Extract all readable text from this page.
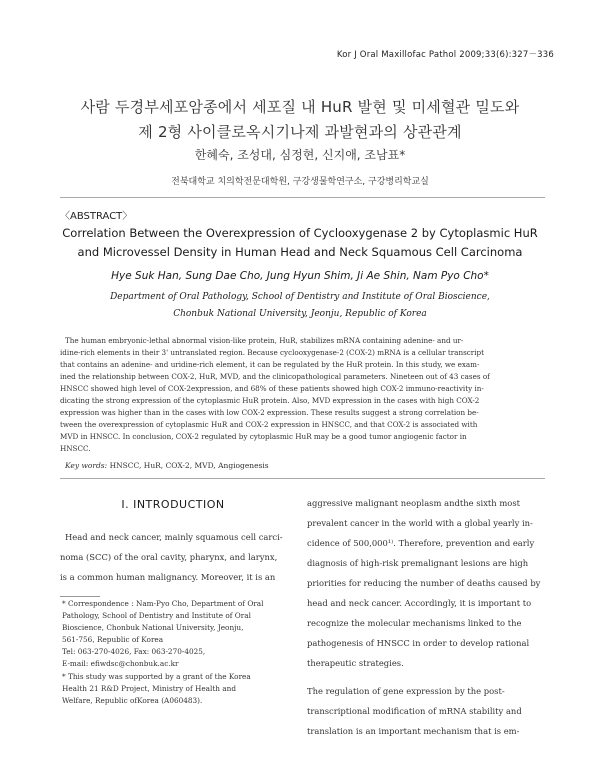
Kor J Oral Maxillofac Pathol 2009;33(6):327－336
사람 두경부세포암종에서 세포질 내 HuR 발현 및 미세혈관 밀도와
제 2형 사이클로옥시기나제 과발현과의 상관관계
한혜숙, 조성대, 심정현, 신지애, 조남표*
전북대학교 치의학전문대학원, 구강생물학연구소, 구강병리학교실
〈ABSTRACT〉
Correlation Between the Overexpression of Cyclooxygenase 2 by Cytoplasmic HuR
and Microvessel Density in Human Head and Neck Squamous Cell Carcinoma
Hye Suk Han, Sung Dae Cho, Jung Hyun Shim, Ji Ae Shin, Nam Pyo Cho*
Department of Oral Pathology, School of Dentistry and Institute of Oral Bioscience,
Chonbuk National University, Jeonju, Republic of Korea
The human embryonic-lethal abnormal vision-like protein, HuR, stabilizes mRNA containing adenine- and ur-
idine-rich elements in their 3' untranslated region. Because cyclooxygenase-2 (COX-2) mRNA is a cellular transcript
that contains an adenine- and uridine-rich element, it can be regulated by the HuR protein. In this study, we exam-
ined the relationship between COX-2, HuR, MVD, and the clinicopathological parameters. Nineteen out of 43 cases of
HNSCC showed high level of COX-2expression, and 68% of these patients showed high COX-2 immuno-reactivity in-
dicating the strong expression of the cytoplasmic HuR protein. Also, MVD expression in the cases with high COX-2
expression was higher than in the cases with low COX-2 expression. These results suggest a strong correlation be-
tween the overexpression of cytoplasmic HuR and COX-2 expression in HNSCC, and that COX-2 is associated with
MVD in HNSCC. In conclusion, COX-2 regulated by cytoplasmic HuR may be a good tumor angiogenic factor in
HNSCC.
Key words: HNSCC, HuR, COX-2, MVD, Angiogenesis
I. INTRODUCTION
Head and neck cancer, mainly squamous cell carci-
noma (SCC) of the oral cavity, pharynx, and larynx,
is a common human malignancy. Moreover, it is an
* Correspondence : Nam-Pyo Cho, Department of Oral
Pathology, School of Dentistry and Institute of Oral
Bioscience, Chonbuk National University, Jeonju,
561-756, Republic of Korea
Tel: 063-270-4026, Fax: 063-270-4025,
E-mail: efiwdsc@chonbuk.ac.kr
* This study was supported by a grant of the Korea
Health 21 R&D Project, Ministry of Health and
Welfare, Republic ofKorea (A060483).
aggressive malignant neoplasm andthe sixth most
prevalent cancer in the world with a global yearly in-
cidence of 500,000¹⁾. Therefore, prevention and early
diagnosis of high-risk premalignant lesions are high
priorities for reducing the number of deaths caused by
head and neck cancer. Accordingly, it is important to
recognize the molecular mechanisms linked to the
pathogenesis of HNSCC in order to develop rational
therapeutic strategies.
The regulation of gene expression by the post-
transcriptional modification of mRNA stability and
translation is an important mechanism that is em-
